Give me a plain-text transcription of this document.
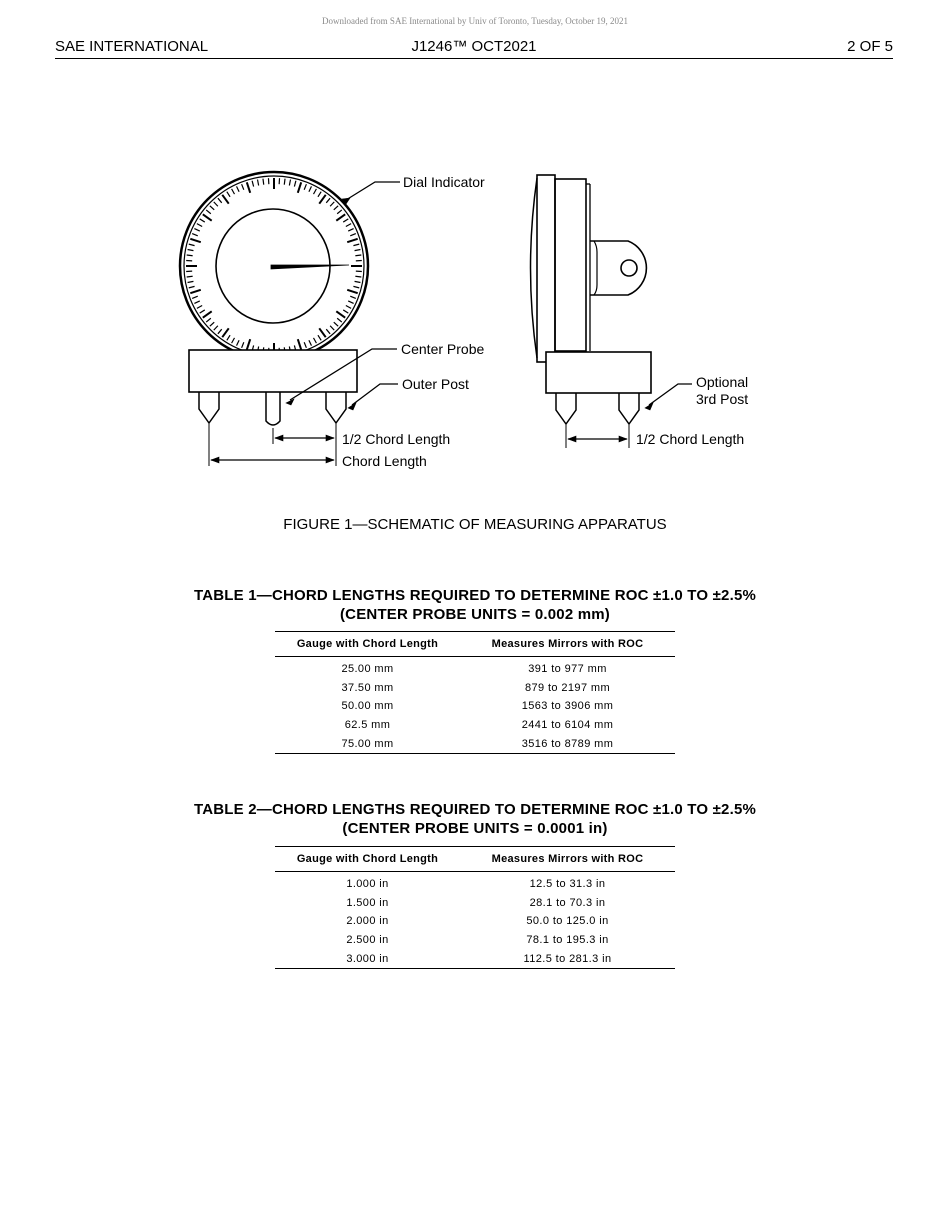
Downloaded from SAE International by Univ of Toronto, Tuesday, October 19, 2021
SAE INTERNATIONAL	J1246™ OCT2021	2 OF 5
Dial Indicator
Center Probe
Outer Post
1/2 Chord Length
Chord Length
Optional
3rd Post
1/2 Chord Length
FIGURE 1—SCHEMATIC OF MEASURING APPARATUS
TABLE 1—CHORD LENGTHS REQUIRED TO DETERMINE ROC ±1.0 TO ±2.5%
(CENTER PROBE UNITS = 0.002 mm)
Gauge with Chord Length	Measures Mirrors with ROC
25.00 mm	391 to 977 mm
37.50 mm	879 to 2197 mm
50.00 mm	1563 to 3906 mm
62.5 mm	2441 to 6104 mm
75.00 mm	3516 to 8789 mm
TABLE 2—CHORD LENGTHS REQUIRED TO DETERMINE ROC ±1.0 TO ±2.5%
(CENTER PROBE UNITS = 0.0001 in)
Gauge with Chord Length	Measures Mirrors with ROC
1.000 in	12.5 to 31.3 in
1.500 in	28.1 to 70.3 in
2.000 in	50.0 to 125.0 in
2.500 in	78.1 to 195.3 in
3.000 in	112.5 to 281.3 in
